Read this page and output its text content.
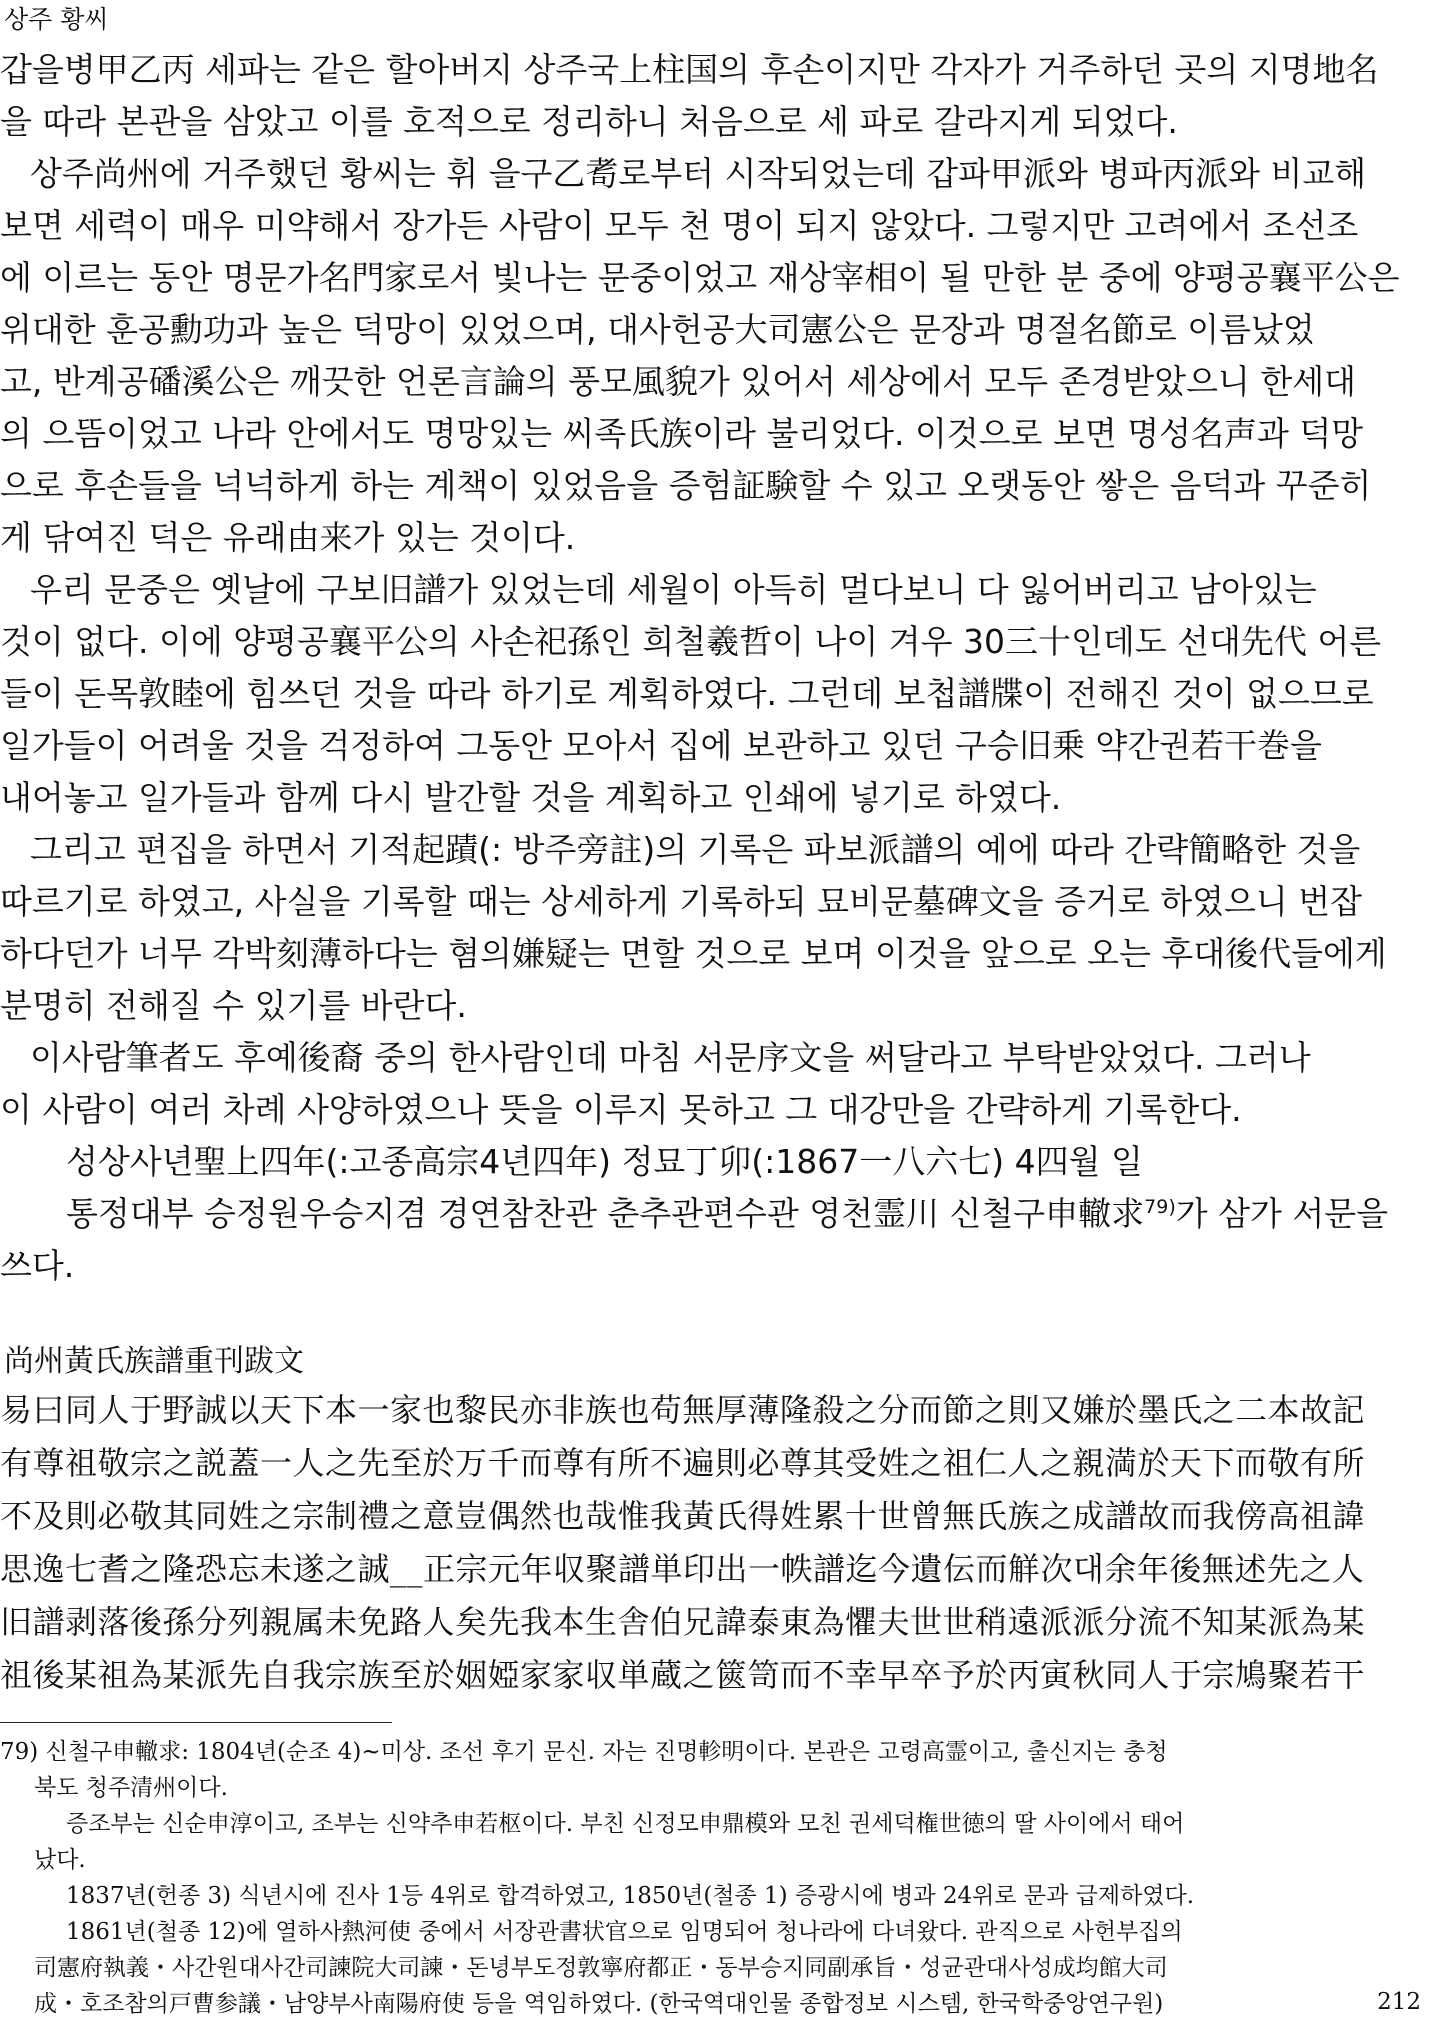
상주 황씨
갑을병甲乙丙 세파는 같은 할아버지 상주국上柱国의 후손이지만 각자가 거주하던 곳의 지명地名
을 따라 본관을 삼았고 이를 호적으로 정리하니 처음으로 세 파로 갈라지게 되었다.
상주尚州에 거주했던 황씨는 휘 을구乙耉로부터 시작되었는데 갑파甲派와 병파丙派와 비교해
보면 세력이 매우 미약해서 장가든 사람이 모두 천 명이 되지 않았다. 그렇지만 고려에서 조선조
에 이르는 동안 명문가名門家로서 빛나는 문중이었고 재상宰相이 될 만한 분 중에 양평공襄平公은
위대한 훈공勳功과 높은 덕망이 있었으며, 대사헌공大司憲公은 문장과 명절名節로 이름났었
고, 반계공磻溪公은 깨끗한 언론言論의 풍모風貌가 있어서 세상에서 모두 존경받았으니 한세대
의 으뜸이었고 나라 안에서도 명망있는 씨족氏族이라 불리었다. 이것으로 보면 명성名声과 덕망
으로 후손들을 넉넉하게 하는 계책이 있었음을 증험証験할 수 있고 오랫동안 쌓은 음덕과 꾸준히
게 닦여진 덕은 유래由来가 있는 것이다.
우리 문중은 옛날에 구보旧譜가 있었는데 세월이 아득히 멀다보니 다 잃어버리고 남아있는
것이 없다. 이에 양평공襄平公의 사손祀孫인 희철羲哲이 나이 겨우 30三十인데도 선대先代 어른
들이 돈목敦睦에 힘쓰던 것을 따라 하기로 계획하였다. 그런데 보첩譜牒이 전해진 것이 없으므로
일가들이 어려울 것을 걱정하여 그동안 모아서 집에 보관하고 있던 구승旧乗 약간권若干巻을
내어놓고 일가들과 함께 다시 발간할 것을 계획하고 인쇄에 넣기로 하였다.
그리고 편집을 하면서 기적起蹟(: 방주旁註)의 기록은 파보派譜의 예에 따라 간략簡略한 것을
따르기로 하였고, 사실을 기록할 때는 상세하게 기록하되 묘비문墓碑文을 증거로 하였으니 번잡
하다던가 너무 각박刻薄하다는 혐의嫌疑는 면할 것으로 보며 이것을 앞으로 오는 후대後代들에게
분명히 전해질 수 있기를 바란다.
이사람筆者도 후예後裔 중의 한사람인데 마침 서문序文을 써달라고 부탁받았었다. 그러나
이 사람이 여러 차례 사양하였으나 뜻을 이루지 못하고 그 대강만을 간략하게 기록한다.
성상사년聖上四年(:고종高宗4년四年) 정묘丁卯(:1867一八六七) 4四월 일
통정대부 승정원우승지겸 경연참찬관 춘추관편수관 영천霊川 신철구申轍求$^{79)}$가 삼가 서문을
쓰다.
尚州黃氏族譜重刊跋文
易曰同人于野誠以天下本一家也黎民亦非族也苟無厚薄隆殺之分而節之則又嫌於墨氏之二本故記
有尊祖敬宗之説蓋一人之先至於万千而尊有所不遍則必尊其受姓之祖仁人之親満於天下而敬有所
不及則必敬其同姓之宗制禮之意豈偶然也哉惟我黃氏得姓累十世曾無氏族之成譜故而我傍高祖諱
思逸七耆之隆恐忘未遂之誠__正宗元年収聚譜単印出一帙譜迄今遺伝而觧次대余年後無述先之人
旧譜剥落後孫分列親属未免路人矣先我本生舎伯兄諱泰東為懼夫世世稍遠派派分流不知某派為某
祖後某祖為某派先自我宗族至於姻婭家家収単蔵之篋笥而不幸早卒予於丙寅秋同人于宗鳩聚若干
79) 신철구申轍求: 1804년(순조 4)~미상. 조선 후기 문신. 자는 진명軫明이다. 본관은 고령高霊이고, 출신지는 충청
북도 청주清州이다.
증조부는 신순申淳이고, 조부는 신약추申若枢이다. 부친 신정모申鼎模와 모친 권세덕権世徳의 딸 사이에서 태어
났다.
1837년(헌종 3) 식년시에 진사 1등 4위로 합격하였고, 1850년(철종 1) 증광시에 병과 24위로 문과 급제하였다.
1861년(철종 12)에 열하사熱河使 중에서 서장관書状官으로 임명되어 청나라에 다녀왔다. 관직으로 사헌부집의
司憲府執義・사간원대사간司諫院大司諫・돈녕부도정敦寧府都正・동부승지同副承旨・성균관대사성成均館大司
成・호조참의戸曹参議・남양부사南陽府使 등을 역임하였다. (한국역대인물 종합정보 시스템, 한국학중앙연구원)	212
